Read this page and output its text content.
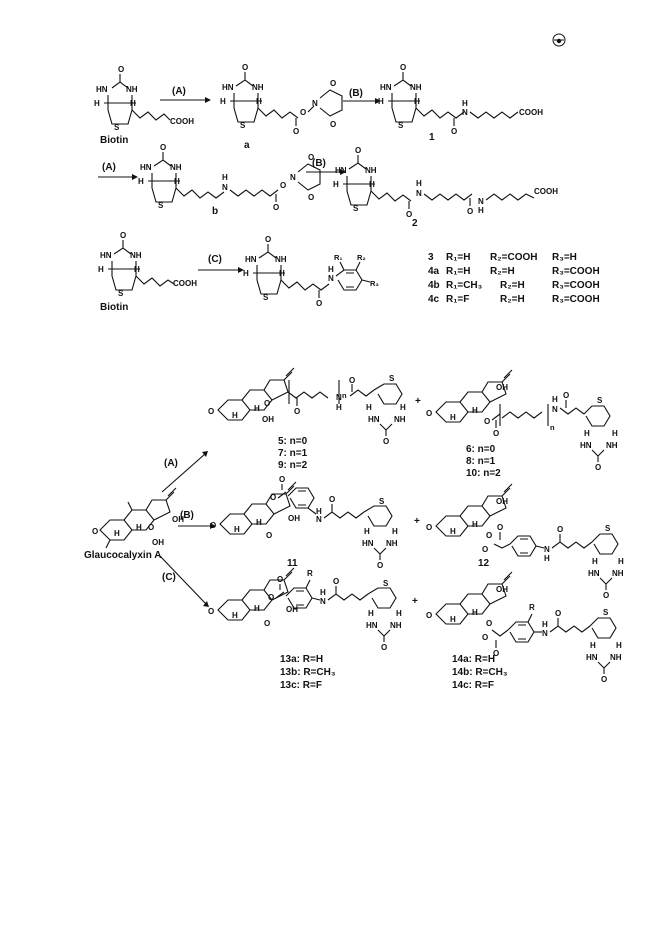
O
HN NH
H	H
S
COOH
Biotin
(A)
O
HN NH
H	H
S
O
O
N
O
O
a
(B)
O
HN NH
H	H
S
O
H
N	COOH
1
(A)
O
HN NH
H	H
S
H
N
O
O
N
O
O
b
(B)
O
HN NH
H	H
S
O
H
N
O
N
H
COOH
2
O
HN NH
H	H
S
COOH
Biotin
(C)
O
HN NH
H	H
S
O
H
N
R₁ R₂
R₃
3 R₁=H R₂=COOH R₃=H
4a R₁=H R₂=H	R₃=COOH
4b R₁=CH₃ R₂=H	R₃=COOH
4c R₁=F	R₂=H	R₃=COOH
O H
H O
OH
OH
Glaucocalyxin A
(A)
(B)
(C)
O H
H
O
OH
O
N
H
n
O	S
H	H
HN NH
O
5: n=0
7: n=1
9: n=2
+
O H
H
OH
O
O
n
N
H O
S
H	H
HN NH
O
6: n=0
8: n=1
10: n=2
O H
H
O
OH
O
O
N
H
O	S
H	H
HN NH
O
11
+
O H
H
OH
O
O
O
N
H
O	S
H	H
HN NH
O
12
O H
H
O
OH
O
O
R
N
H
O	S
H	H
HN NH
O
13a: R=H
13b: R=CH₃
13c: R=F
+
O H
H
OH
O
O
O
R
N
H
O	S
H	H
HN NH
O
14a: R=H
14b: R=CH₃
14c: R=F
